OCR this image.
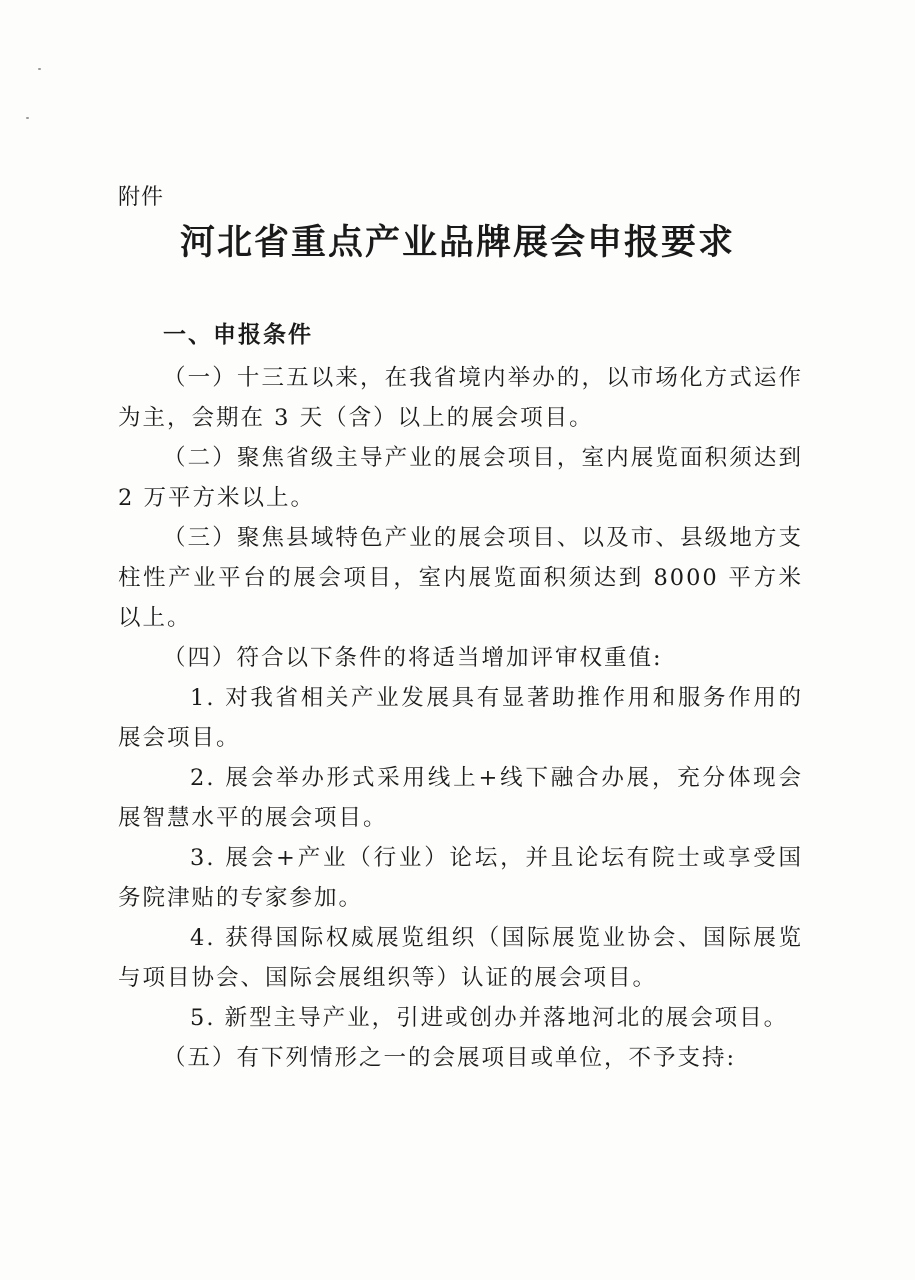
附件
河北省重点产业品牌展会申报要求

一、申报条件

（一）十三五以来，在我省境内举办的，以市场化方式运作为主，会期在 3 天（含）以上的展会项目。

（二）聚焦省级主导产业的展会项目，室内展览面积须达到 2 万平方米以上。

（三）聚焦县域特色产业的展会项目、以及市、县级地方支柱性产业平台的展会项目，室内展览面积须达到 8000 平方米以上。

（四）符合以下条件的将适当增加评审权重值:

1. 对我省相关产业发展具有显著助推作用和服务作用的展会项目。

2. 展会举办形式采用线上+线下融合办展，充分体现会展智慧水平的展会项目。

3. 展会+产业（行业）论坛，并且论坛有院士或享受国务院津贴的专家参加。

4. 获得国际权威展览组织（国际展览业协会、国际展览与项目协会、国际会展组织等）认证的展会项目。

5. 新型主导产业，引进或创办并落地河北的展会项目。

（五）有下列情形之一的会展项目或单位，不予支持:
